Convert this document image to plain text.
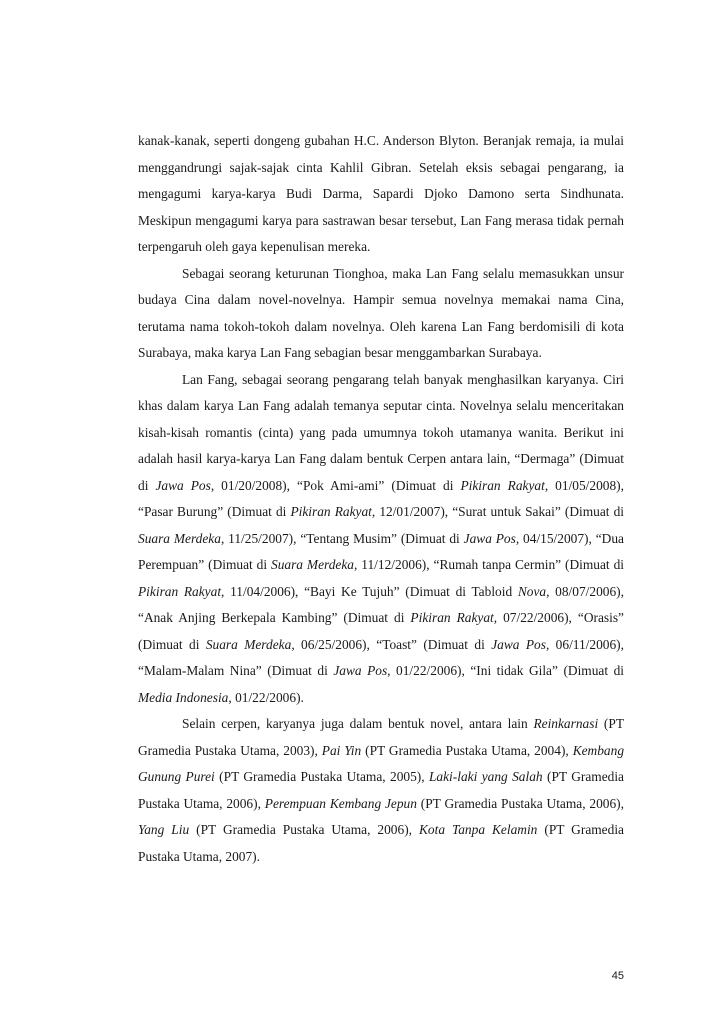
kanak-kanak, seperti dongeng gubahan H.C. Anderson Blyton. Beranjak remaja, ia mulai menggandrungi sajak-sajak cinta Kahlil Gibran. Setelah eksis sebagai pengarang, ia mengagumi karya-karya Budi Darma, Sapardi Djoko Damono serta Sindhunata. Meskipun mengagumi karya para sastrawan besar tersebut, Lan Fang merasa tidak pernah terpengaruh oleh gaya kepenulisan mereka.

Sebagai seorang keturunan Tionghoa, maka Lan Fang selalu memasukkan unsur budaya Cina dalam novel-novelnya. Hampir semua novelnya memakai nama Cina, terutama nama tokoh-tokoh dalam novelnya. Oleh karena Lan Fang berdomisili di kota Surabaya, maka karya Lan Fang sebagian besar menggambarkan Surabaya.

Lan Fang, sebagai seorang pengarang telah banyak menghasilkan karyanya. Ciri khas dalam karya Lan Fang adalah temanya seputar cinta. Novelnya selalu menceritakan kisah-kisah romantis (cinta) yang pada umumnya tokoh utamanya wanita. Berikut ini adalah hasil karya-karya Lan Fang dalam bentuk Cerpen antara lain, “Dermaga” (Dimuat di Jawa Pos, 01/20/2008), “Pok Ami-ami” (Dimuat di Pikiran Rakyat, 01/05/2008), “Pasar Burung” (Dimuat di Pikiran Rakyat, 12/01/2007), “Surat untuk Sakai” (Dimuat di Suara Merdeka, 11/25/2007), “Tentang Musim” (Dimuat di Jawa Pos, 04/15/2007), “Dua Perempuan” (Dimuat di Suara Merdeka, 11/12/2006), “Rumah tanpa Cermin” (Dimuat di Pikiran Rakyat, 11/04/2006), “Bayi Ke Tujuh” (Dimuat di Tabloid Nova, 08/07/2006), “Anak Anjing Berkepala Kambing” (Dimuat di Pikiran Rakyat, 07/22/2006), “Orasis” (Dimuat di Suara Merdeka, 06/25/2006), “Toast” (Dimuat di Jawa Pos, 06/11/2006), “Malam-Malam Nina” (Dimuat di Jawa Pos, 01/22/2006), “Ini tidak Gila” (Dimuat di Media Indonesia, 01/22/2006).

Selain cerpen, karyanya juga dalam bentuk novel, antara lain Reinkarnasi (PT Gramedia Pustaka Utama, 2003), Pai Yin (PT Gramedia Pustaka Utama, 2004), Kembang Gunung Purei (PT Gramedia Pustaka Utama, 2005), Laki-laki yang Salah (PT Gramedia Pustaka Utama, 2006), Perempuan Kembang Jepun (PT Gramedia Pustaka Utama, 2006), Yang Liu (PT Gramedia Pustaka Utama, 2006), Kota Tanpa Kelamin (PT Gramedia Pustaka Utama, 2007).

45
